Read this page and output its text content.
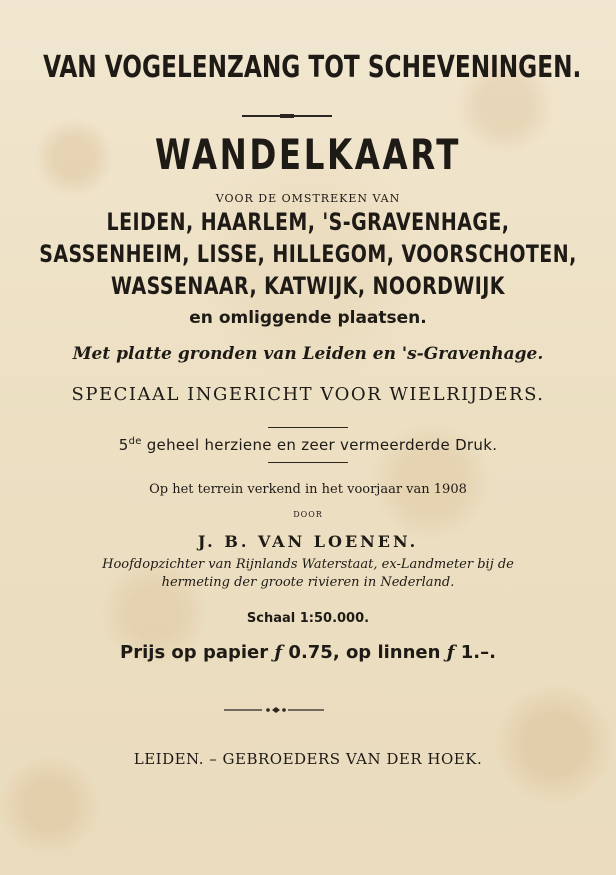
VAN VOGELENZANG TOT SCHEVENINGEN.

WANDELKAART

VOOR DE OMSTREKEN VAN

LEIDEN, HAARLEM, 'S-GRAVENHAGE,

SASSENHEIM, LISSE, HILLEGOM, VOORSCHOTEN,

WASSENAAR, KATWIJK, NOORDWIJK

en omliggende plaatsen.

Met platte gronden van Leiden en 's-Gravenhage.

SPECIAAL INGERICHT VOOR WIELRIJDERS.

5de geheel herziene en zeer vermeerderde Druk.

Op het terrein verkend in het voorjaar van 1908

DOOR

J. B. VAN LOENEN.

Hoofdopzichter van Rijnlands Waterstaat, ex-Landmeter bij de

hermeting der groote rivieren in Nederland.

Schaal 1:50.000.

Prijs op papier ƒ 0.75, op linnen ƒ 1.–.

LEIDEN. – GEBROEDERS VAN DER HOEK.
